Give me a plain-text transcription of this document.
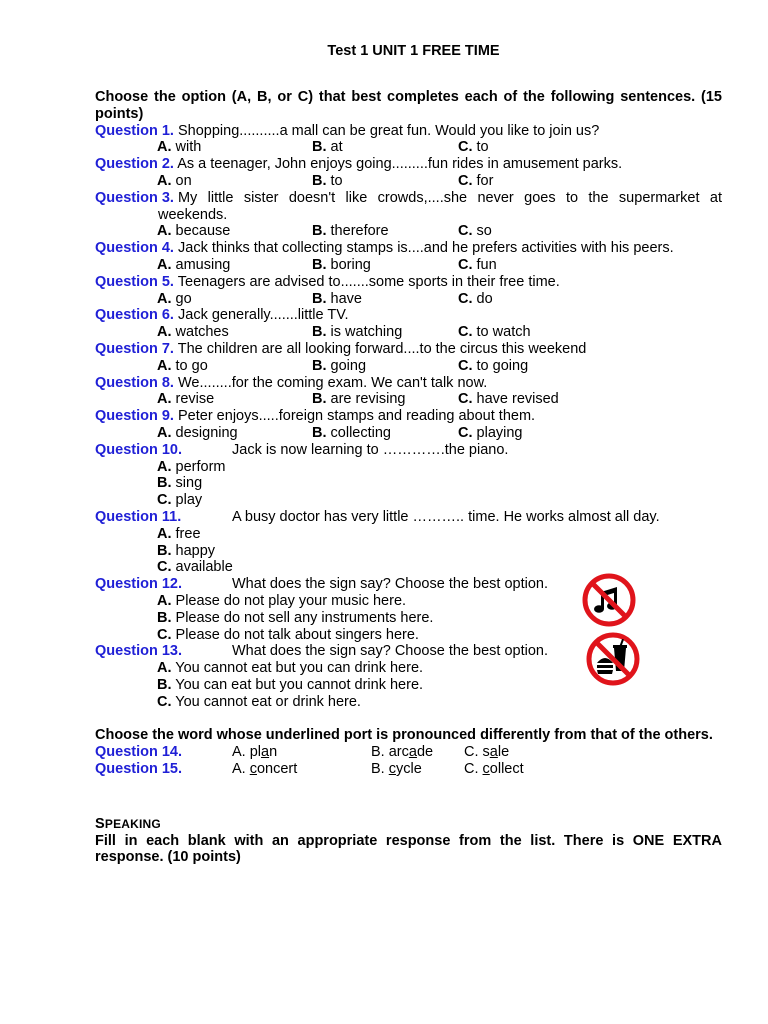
Test 1 UNIT 1 FREE TIME
Choose the option (A, B, or C) that best completes each of the following sentences. (15 points)
Question 1. Shopping..........a mall can be great fun. Would you like to join us?
A. with	B. at	C. to
Question 2. As a teenager, John enjoys going.........fun rides in amusement parks.
A. on	B. to	C. for
Question 3. My little sister doesn't like crowds,....she never goes to the supermarket at
weekends.
A. because	B. therefore	C. so
Question 4. Jack thinks that collecting stamps is....and he prefers activities with his peers.
A. amusing	B. boring	C. fun
Question 5. Teenagers are advised to.......some sports in their free time.
A. go	B. have	C. do
Question 6. Jack generally.......little TV.
A. watches	B. is watching	C. to watch
Question 7. The children are all looking forward....to the circus this weekend
A. to go	B. going	C. to going
Question 8. We........for the coming exam. We can't talk now.
A. revise	B. are revising	C. have revised
Question 9. Peter enjoys.....foreign stamps and reading about them.
A. designing	B. collecting	C. playing
Question 10.	Jack is now learning to ………….the piano.
A. perform
B. sing
C. play
Question 11.	A busy doctor has very little ……….. time. He works almost all day.
A. free
B. happy
C. available
Question 12.	What does the sign say? Choose the best option.
A. Please do not play your music here.
B. Please do not sell any instruments here.
C. Please do not talk about singers here.
Question 13.	What does the sign say? Choose the best option.
A. You cannot eat but you can drink here.
B. You can eat but you cannot drink here.
C. You cannot eat or drink here.
Choose the word whose underlined port is pronounced differently from that of the others.
Question 14.	A. plan	B. arcade C. sale
Question 15.	A. concert	B. cycle	C. collect
SPEAKING
Fill in each blank with an appropriate response from the list. There is ONE EXTRA response. (10 points)
